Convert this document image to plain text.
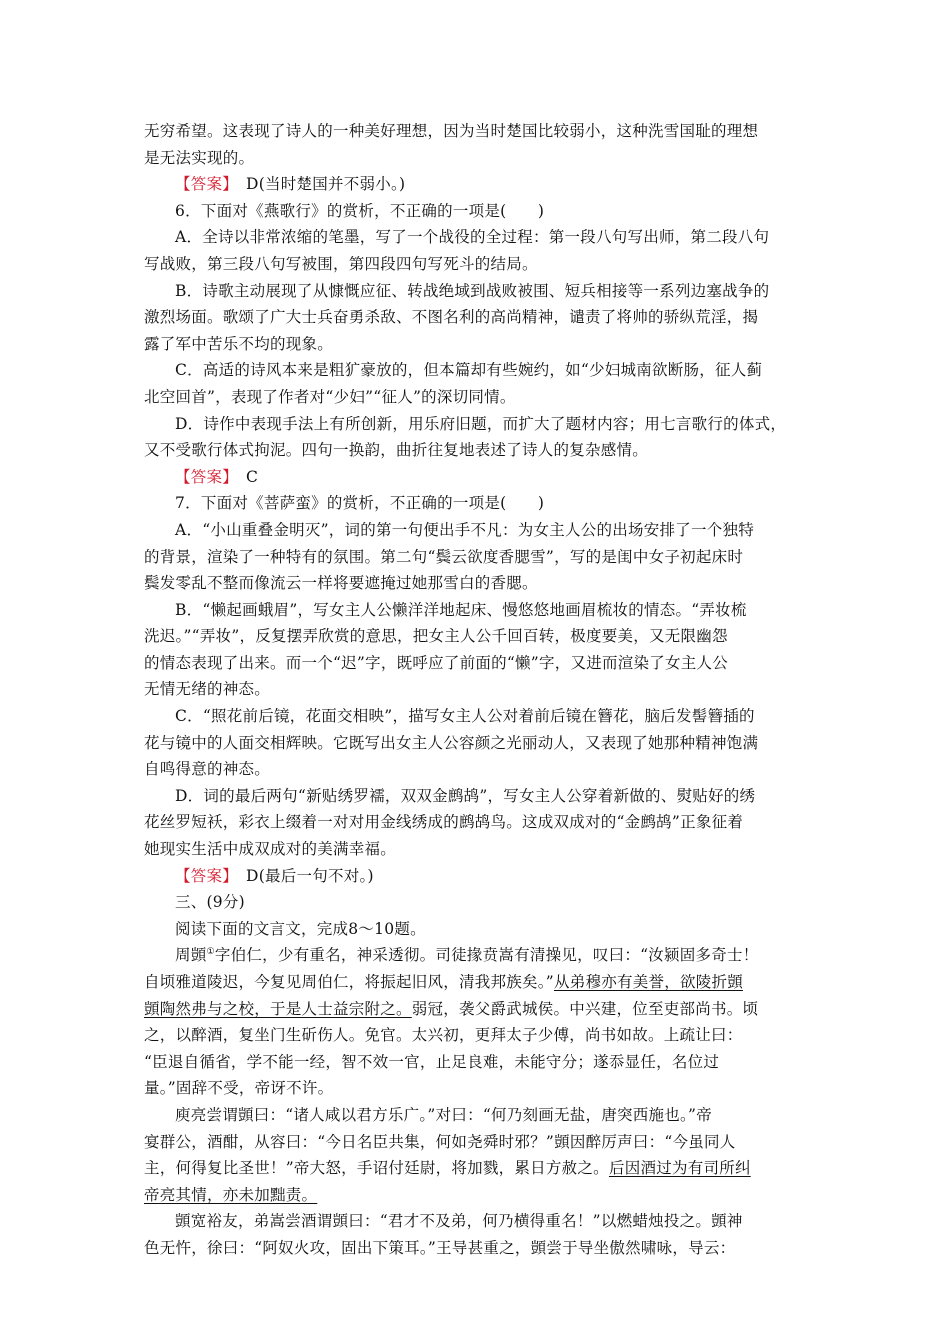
无穷希望。这表现了诗人的一种美好理想，因为当时楚国比较弱小，这种洗雪国耻的理想
是无法实现的。
【答案】　D(当时楚国并不弱小。)
6．下面对《燕歌行》的赏析，不正确的一项是(　　)
A．全诗以非常浓缩的笔墨，写了一个战役的全过程：第一段八句写出师，第二段八句
写战败，第三段八句写被围，第四段四句写死斗的结局。
B．诗歌主动展现了从慷慨应征、转战绝域到战败被围、短兵相接等一系列边塞战争的
激烈场面。歌颂了广大士兵奋勇杀敌、不图名利的高尚精神，谴责了将帅的骄纵荒淫，揭
露了军中苦乐不均的现象。
C．高适的诗风本来是粗犷豪放的，但本篇却有些婉约，如“少妇城南欲断肠，征人蓟
北空回首”，表现了作者对“少妇”“征人”的深切同情。
D．诗作中表现手法上有所创新，用乐府旧题，而扩大了题材内容；用七言歌行的体式，
又不受歌行体式拘泥。四句一换韵，曲折往复地表述了诗人的复杂感情。
【答案】　C
7．下面对《菩萨蛮》的赏析，不正确的一项是(　　)
A．“小山重叠金明灭”，词的第一句便出手不凡：为女主人公的出场安排了一个独特
的背景，渲染了一种特有的氛围。第二句“鬓云欲度香腮雪”，写的是闺中女子初起床时
鬓发零乱不整而像流云一样将要遮掩过她那雪白的香腮。
B．“懒起画蛾眉”，写女主人公懒洋洋地起床、慢悠悠地画眉梳妆的情态。“弄妆梳
洗迟。”“弄妆”，反复摆弄欣赏的意思，把女主人公千回百转，极度要美，又无限幽怨
的情态表现了出来。而一个“迟”字，既呼应了前面的“懒”字，又进而渲染了女主人公
无情无绪的神态。
C．“照花前后镜，花面交相映”，描写女主人公对着前后镜在簪花，脑后发髻簪插的
花与镜中的人面交相辉映。它既写出女主人公容颜之光丽动人，又表现了她那种精神饱满
自鸣得意的神态。
D．词的最后两句“新贴绣罗襦，双双金鹧鸪”，写女主人公穿着新做的、熨贴好的绣
花丝罗短袄，彩衣上缀着一对对用金线绣成的鹧鸪鸟。这成双成对的“金鹧鸪”正象征着
她现实生活中成双成对的美满幸福。
【答案】　D(最后一句不对。)
三、(9分)
阅读下面的文言文，完成8～10题。
周顗①字伯仁，少有重名，神采透彻。司徒掾贲嵩有清操见，叹曰：“汝颍固多奇士！
自顷雅道陵迟，今复见周伯仁，将振起旧风，清我邦族矣。”从弟穆亦有美誉，欲陵折顗
顗陶然弗与之校，于是人士益宗附之。弱冠，袭父爵武城侯。中兴建，位至吏部尚书。顷
之，以醉酒，复坐门生斫伤人。免官。太兴初，更拜太子少傅，尚书如故。上疏让曰：
“臣退自循省，学不能一经，智不效一官，止足良难，未能守分；遂忝显任，名位过
量。”固辞不受，帝讶不许。
庾亮尝谓顗曰：“诸人咸以君方乐广。”对曰：“何乃刻画无盐，唐突西施也。”帝
宴群公，酒酣，从容曰：“今日名臣共集，何如尧舜时邪？”顗因醉厉声曰：“今虽同人
主，何得复比圣世！”帝大怒，手诏付廷尉，将加戮，累日方赦之。后因酒过为有司所纠
帝亮其情，亦未加黜责。
顗宽裕友，弟嵩尝酒谓顗曰：“君才不及弟，何乃横得重名！”以燃蜡烛投之。顗神
色无忤，徐曰：“阿奴火攻，固出下策耳。”王导甚重之，顗尝于导坐傲然啸咏，导云：
